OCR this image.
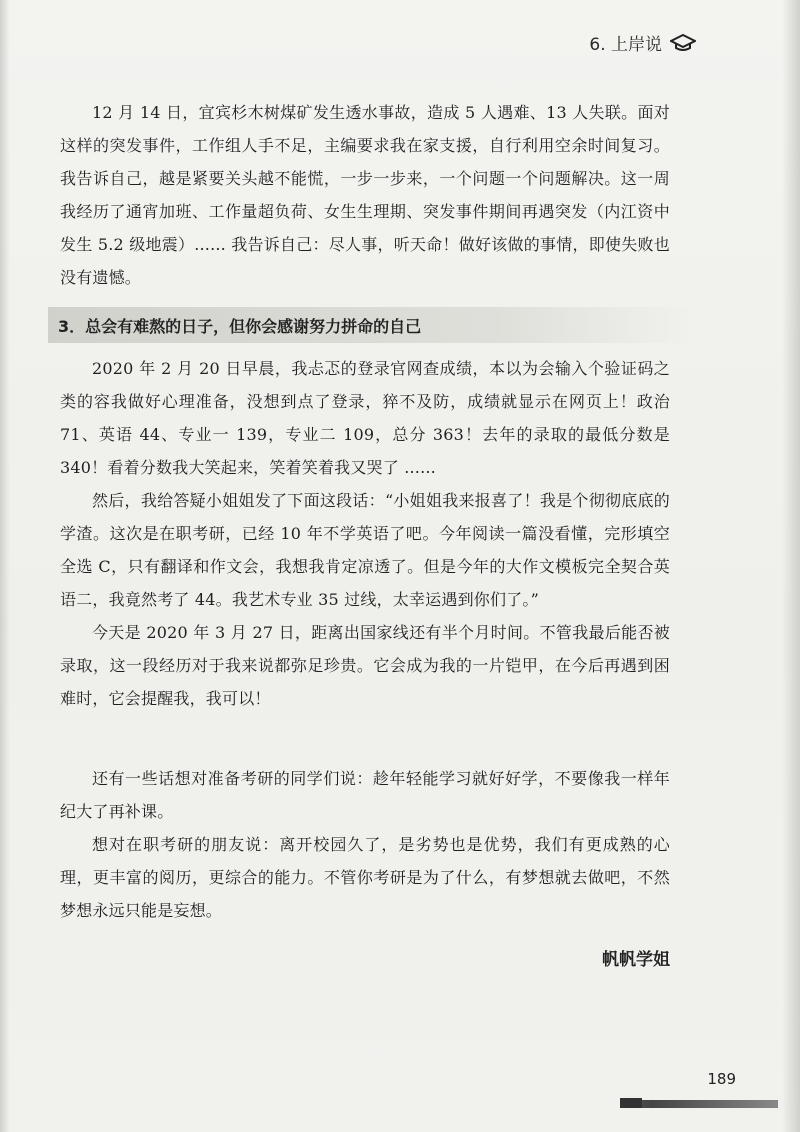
6. 上岸说

12 月 14 日，宜宾杉木树煤矿发生透水事故，造成 5 人遇难、13 人失联。面对这样的突发事件，工作组人手不足，主编要求我在家支援，自行利用空余时间复习。我告诉自己，越是紧要关头越不能慌，一步一步来，一个问题一个问题解决。这一周我经历了通宵加班、工作量超负荷、女生生理期、突发事件期间再遇突发（内江资中发生 5.2 级地震）...... 我告诉自己：尽人事，听天命！做好该做的事情，即使失败也没有遗憾。

3．总会有难熬的日子，但你会感谢努力拼命的自己

2020 年 2 月 20 日早晨，我忐忑的登录官网查成绩，本以为会输入个验证码之类的容我做好心理准备，没想到点了登录，猝不及防，成绩就显示在网页上！政治 71、英语 44、专业一 139，专业二 109，总分 363！去年的录取的最低分数是 340！看着分数我大笑起来，笑着笑着我又哭了 ......

然后，我给答疑小姐姐发了下面这段话：“小姐姐我来报喜了！我是个彻彻底底的学渣。这次是在职考研，已经 10 年不学英语了吧。今年阅读一篇没看懂，完形填空全选 C，只有翻译和作文会，我想我肯定凉透了。但是今年的大作文模板完全契合英语二，我竟然考了 44。我艺术专业 35 过线，太幸运遇到你们了。”

今天是 2020 年 3 月 27 日，距离出国家线还有半个月时间。不管我最后能否被录取，这一段经历对于我来说都弥足珍贵。它会成为我的一片铠甲，在今后再遇到困难时，它会提醒我，我可以！

还有一些话想对准备考研的同学们说：趁年轻能学习就好好学，不要像我一样年纪大了再补课。

想对在职考研的朋友说：离开校园久了，是劣势也是优势，我们有更成熟的心理，更丰富的阅历，更综合的能力。不管你考研是为了什么，有梦想就去做吧，不然梦想永远只能是妄想。

帆帆学姐
189
